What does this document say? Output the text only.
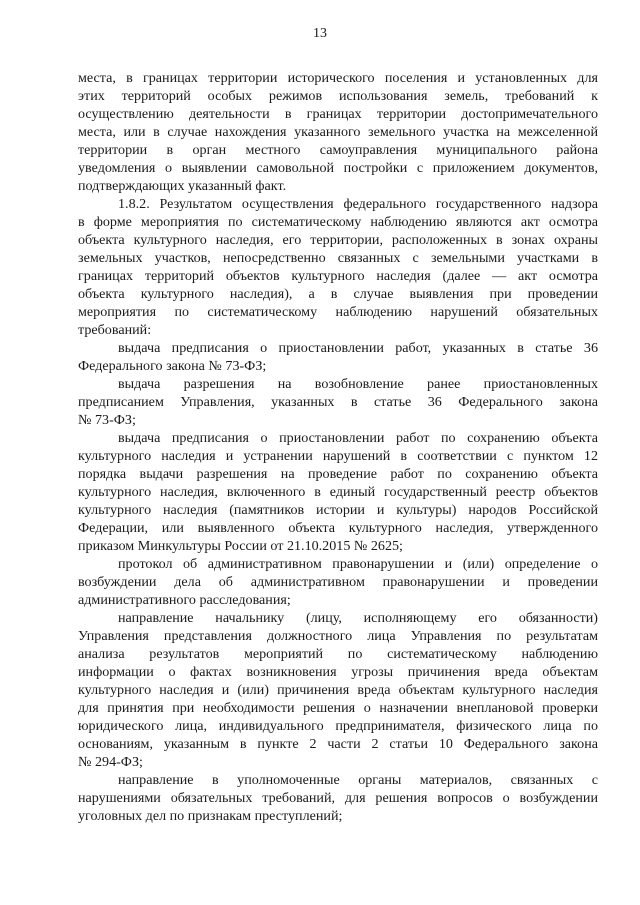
13
места, в границах территории исторического поселения и установленных для
этих территорий особых режимов использования земель, требований к
осуществлению деятельности в границах территории достопримечательного
места, или в случае нахождения указанного земельного участка на межселенной
территории в орган местного самоуправления муниципального района
уведомления о выявлении самовольной постройки с приложением документов,
подтверждающих указанный факт.
1.8.2. Результатом осуществления федерального государственного надзора
в форме мероприятия по систематическому наблюдению являются акт осмотра
объекта культурного наследия, его территории, расположенных в зонах охраны
земельных участков, непосредственно связанных с земельными участками в
границах территорий объектов культурного наследия (далее — акт осмотра
объекта культурного наследия), а в случае выявления при проведении
мероприятия по систематическому наблюдению нарушений обязательных
требований:
выдача предписания о приостановлении работ, указанных в статье 36
Федерального закона № 73-ФЗ;
выдача разрешения на возобновление ранее приостановленных
предписанием Управления, указанных в статье 36 Федерального закона
№ 73-ФЗ;
выдача предписания о приостановлении работ по сохранению объекта
культурного наследия и устранении нарушений в соответствии с пунктом 12
порядка выдачи разрешения на проведение работ по сохранению объекта
культурного наследия, включенного в единый государственный реестр объектов
культурного наследия (памятников истории и культуры) народов Российской
Федерации, или выявленного объекта культурного наследия, утвержденного
приказом Минкультуры России от 21.10.2015 № 2625;
протокол об административном правонарушении и (или) определение о
возбуждении дела об административном правонарушении и проведении
административного расследования;
направление начальнику (лицу, исполняющему его обязанности)
Управления представления должностного лица Управления по результатам
анализа результатов мероприятий по систематическому наблюдению
информации о фактах возникновения угрозы причинения вреда объектам
культурного наследия и (или) причинения вреда объектам культурного наследия
для принятия при необходимости решения о назначении внеплановой проверки
юридического лица, индивидуального предпринимателя, физического лица по
основаниям, указанным в пункте 2 части 2 статьи 10 Федерального закона
№ 294-ФЗ;
направление в уполномоченные органы материалов, связанных с
нарушениями обязательных требований, для решения вопросов о возбуждении
уголовных дел по признакам преступлений;
